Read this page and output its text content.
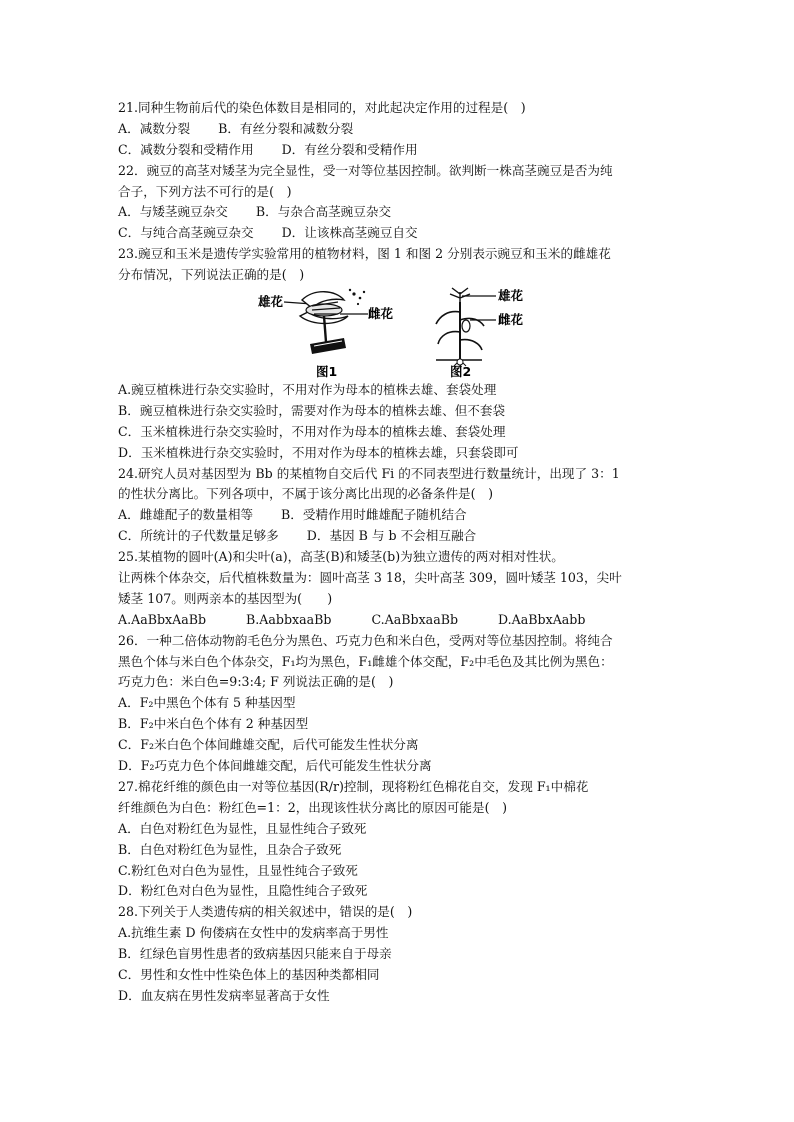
21.同种生物前后代的染色体数目是相同的，对此起决定作用的过程是(　)
A．减数分裂 B．有丝分裂和减数分裂
C．减数分裂和受精作用 D．有丝分裂和受精作用
22．豌豆的高茎对矮茎为完全显性，受一对等位基因控制。欲判断一株高茎豌豆是否为纯
合子，下列方法不可行的是(　)
A．与矮茎豌豆杂交 B．与杂合高茎豌豆杂交
C．与纯合高茎豌豆杂交 D．让该株高茎豌豆自交
23.豌豆和玉米是遗传学实验常用的植物材料，图 1 和图 2 分别表示豌豆和玉米的雌雄花
分布情况，下列说法正确的是(　)
雄花
雌花
图1
雄花
雌花
图2
A.豌豆植株进行杂交实验时，不用对作为母本的植株去雄、套袋处理
B．豌豆植株进行杂交实验时，需要对作为母本的植株去雄、但不套袋
C．玉米植株进行杂交实验时，不用对作为母本的植株去雄、套袋处理
D．玉米植株进行杂交实验时，不用对作为母本的植株去雄，只套袋即可
24.研究人员对基因型为 Bb 的某植物自交后代 Fi 的不同表型进行数量统计，出现了 3：1
的性状分离比。下列各项中，不属于该分离比出现的必备条件是(　)
A．雌雄配子的数量相等 B．受精作用时雌雄配子随机结合
C．所统计的子代数量足够多 D．基因 B 与 b 不会相互融合
25.某植物的圆叶(A)和尖叶(a)，高茎(B)和矮茎(b)为独立遗传的两对相对性状。
让两株个体杂交，后代植株数量为：圆叶高茎 3 18，尖叶高茎 309，圆叶矮茎 103，尖叶
矮茎 107。则两亲本的基因型为(　　)
A.AaBbxAaBb	B.AabbxaaBb	C.AaBbxaaBb	D.AaBbxAabb
26．一种二倍体动物韵毛色分为黑色、巧克力色和米白色，受两对等位基因控制。将纯合
黑色个体与米白色个体杂交，F₁均为黑色，F₁雌雄个体交配，F₂中毛色及其比例为黑色：
巧克力色：米白色=9:3:4; F 列说法正确的是(　)
A．F₂中黑色个体有 5 种基因型
B．F₂中米白色个体有 2 种基因型
C．F₂米白色个体间雌雄交配，后代可能发生性状分离
D．F₂巧克力色个体间雌雄交配，后代可能发生性状分离
27.棉花纤维的颜色由一对等位基因(R/r)控制，现将粉红色棉花自交，发现 F₁中棉花
纤维颜色为白色：粉红色=1：2，出现该性状分离比的原因可能是(　)
A．白色对粉红色为显性，且显性纯合子致死
B．白色对粉红色为显性，且杂合子致死
C.粉红色对白色为显性，且显性纯合子致死
D．粉红色对白色为显性，且隐性纯合子致死
28.下列关于人类遗传病的相关叙述中，错误的是(　)
A.抗维生素 D 佝偻病在女性中的发病率高于男性
B．红绿色盲男性患者的致病基因只能来自于母亲
C．男性和女性中性染色体上的基因种类都相同
D．血友病在男性发病率显著高于女性
